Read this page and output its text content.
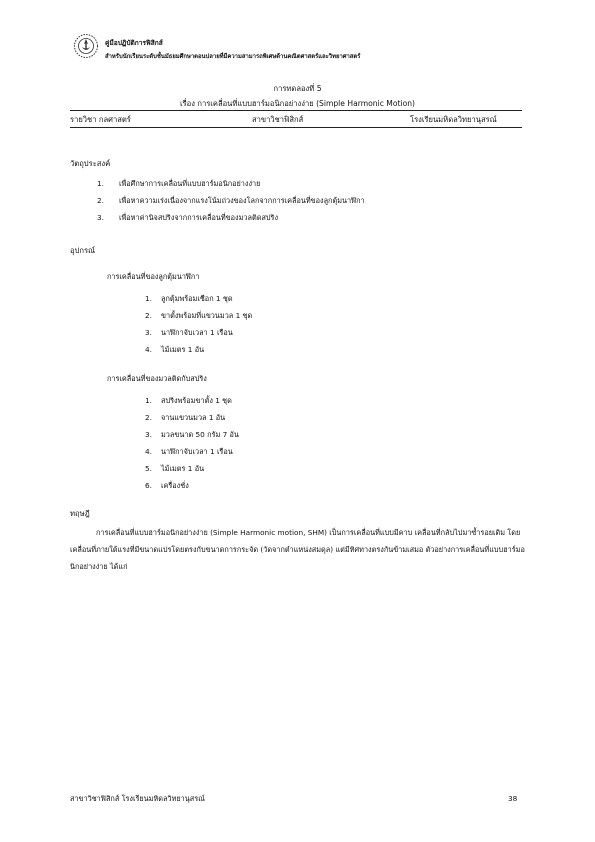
คู่มือปฏิบัติการฟิสิกส์
สำหรับนักเรียนระดับชั้นมัธยมศึกษาตอนปลายที่มีความสามารถพิเศษด้านคณิตศาสตร์และวิทยาศาสตร์
การทดลองที่ 5
เรื่อง การเคลื่อนที่แบบฮาร์มอนิกอย่างง่าย (Simple Harmonic Motion)
รายวิชา กลศาสตร์	สาขาวิชาฟิสิกส์	โรงเรียนมหิดลวิทยานุสรณ์
วัตถุประสงค์
1. เพื่อศึกษาการเคลื่อนที่แบบฮาร์มอนิกอย่างง่าย
2. เพื่อหาความเร่งเนื่องจากแรงโน้มถ่วงของโลกจากการเคลื่อนที่ของลูกตุ้มนาฬิกา
3. เพื่อหาค่านิจสปริงจากการเคลื่อนที่ของมวลติดสปริง
อุปกรณ์
การเคลื่อนที่ของลูกตุ้มนาฬิกา
1. ลูกตุ้มพร้อมเชือก 1 ชุด
2. ขาตั้งพร้อมที่แขวนมวล 1 ชุด
3. นาฬิกาจับเวลา 1 เรือน
4. ไม้เมตร 1 อัน
การเคลื่อนที่ของมวลติดกับสปริง
1. สปริงพร้อมขาตั้ง 1 ชุด
2. จานแขวนมวล 1 อัน
3. มวลขนาด 50 กรัม 7 อัน
4. นาฬิกาจับเวลา 1 เรือน
5. ไม้เมตร 1 อัน
6. เครื่องชั่ง
ทฤษฎี
การเคลื่อนที่แบบฮาร์มอนิกอย่างง่าย (Simple Harmonic motion, SHM) เป็นการเคลื่อนที่แบบมีคาบ เคลื่อนที่กลับไปมาซ้ำรอยเดิม โดยเคลื่อนที่ภายใต้แรงที่มีขนาดแปรโดยตรงกับขนาดการกระจัด (วัดจากตำแหน่งสมดุล) แต่มีทิศทางตรงกันข้ามเสมอ ตัวอย่างการเคลื่อนที่แบบฮาร์มอนิกอย่างง่าย ได้แก่
สาขาวิชาฟิสิกส์ โรงเรียนมหิดลวิทยานุสรณ์	38
